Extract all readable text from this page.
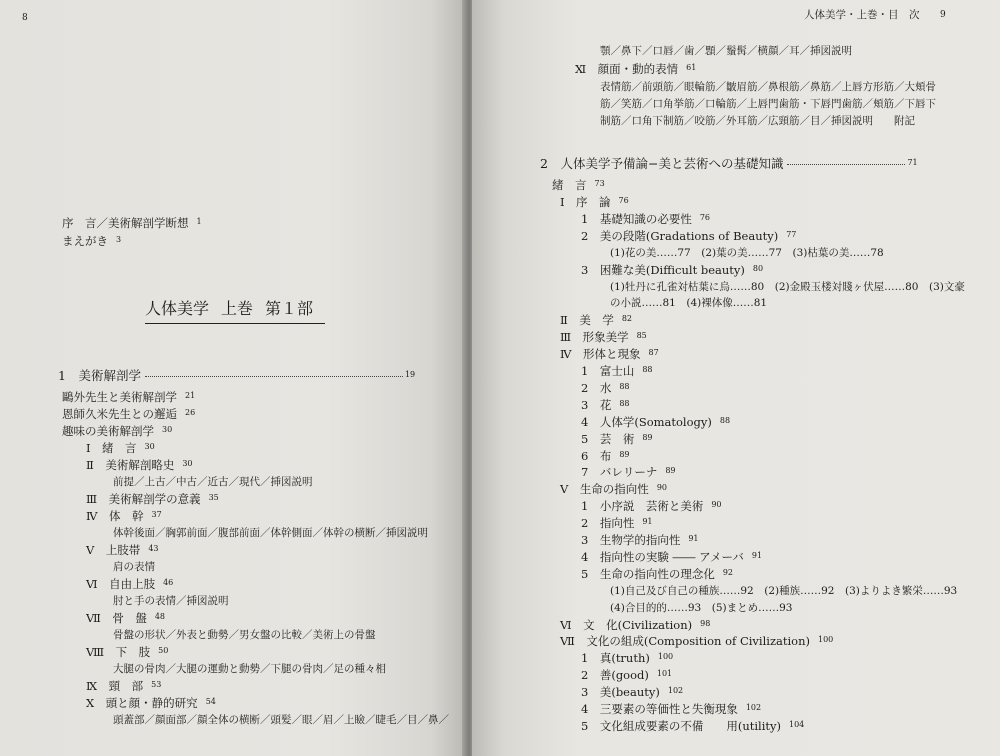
8
序　言／美術解剖学断想 $^1$
まえがき $^3$
人体美学 上巻 第１部
1　 美術解剖学	$^{19}$
鷗外先生と美術解剖学 $^{21}$
恩師久米先生との邂逅 $^{26}$
趣味の美術解剖学 $^{30}$
Ⅰ　 緒　言 $^{30}$
Ⅱ　 美術解剖略史 $^{30}$
前提／上古／中古／近古／現代／挿図説明
Ⅲ　 美術解剖学の意義 $^{35}$
Ⅳ　 体　幹 $^{37}$
体幹後面／胸郭前面／腹部前面／体幹側面／体幹の横断／挿図説明
Ⅴ　 上肢帯 $^{43}$
肩の表情
Ⅵ　 自由上肢 $^{46}$
肘と手の表情／挿図説明
Ⅶ　 骨　盤 $^{48}$
骨盤の形状／外表と動勢／男女盤の比較／美術上の骨盤
Ⅷ　 下　肢 $^{50}$
大腿の骨肉／大腿の運動と動勢／下腿の骨肉／足の種々相
Ⅸ　 頸　部 $^{53}$
Ⅹ　 頭と顔・静的研究 $^{54}$
頭蓋部／顔面部／顔全体の横断／頭髪／眼／眉／上瞼／睫毛／目／鼻／
人体美学・上巻・目　次 9
顎／鼻下／口唇／歯／顋／鬚髯／横顔／耳／挿図説明
Ⅺ　 顔面・動的表情 $^{61}$
表情筋／前頭筋／眼輪筋／皺眉筋／鼻根筋／鼻筋／上唇方形筋／大頬骨
筋／笑筋／口角挙筋／口輪筋／上唇門歯筋・下唇門歯筋／頬筋／下唇下
制筋／口角下制筋／咬筋／外耳筋／広頸筋／目／挿図説明　　附記
2　 人体美学予備論−美と芸術への基礎知識	$^{71}$
緒　言 $^{73}$
Ⅰ　 序　論 $^{76}$
1　 基礎知識の必要性 $^{76}$
2　 美の段階(Gradations of Beauty) $^{77}$
(1)花の美……77　(2)葉の美……77　(3)枯葉の美……78
3　 困難な美(Difficult beauty) $^{80}$
(1)牡丹に孔雀対枯葉に烏……80　(2)金殿玉楼対賤ヶ伏屋……80　(3)文豪
の小説……81　(4)裸体像……81
Ⅱ　 美　学 $^{82}$
Ⅲ　 形象美学 $^{85}$
Ⅳ　 形体と現象 $^{87}$
1　 富士山 $^{88}$
2　 水 $^{88}$
3　 花 $^{88}$
4　 人体学(Somatology) $^{88}$
5　 芸　術 $^{89}$
6　 布 $^{89}$
7　 バレリーナ $^{89}$
Ⅴ　 生命の指向性 $^{90}$
1　 小序説　芸術と美術 $^{90}$
2　 指向性 $^{91}$
3　 生物学的指向性 $^{91}$
4　 指向性の実験 ―― アメーバ $^{91}$
5　 生命の指向性の理念化 $^{92}$
(1)自己及び自己の種族……92　(2)種族……92　(3)よりよき繁栄……93
(4)合目的的……93　(5)まとめ……93
Ⅵ　 文　化(Civilization) $^{98}$
Ⅶ　 文化の組成(Composition of Civilization) $^{100}$
1　 真(truth) $^{100}$
2　 善(good) $^{101}$
3　 美(beauty) $^{102}$
4　 三要素の等価性と失衡現象 $^{102}$
5　 文化組成要素の不備　　用(utility) $^{104}$
